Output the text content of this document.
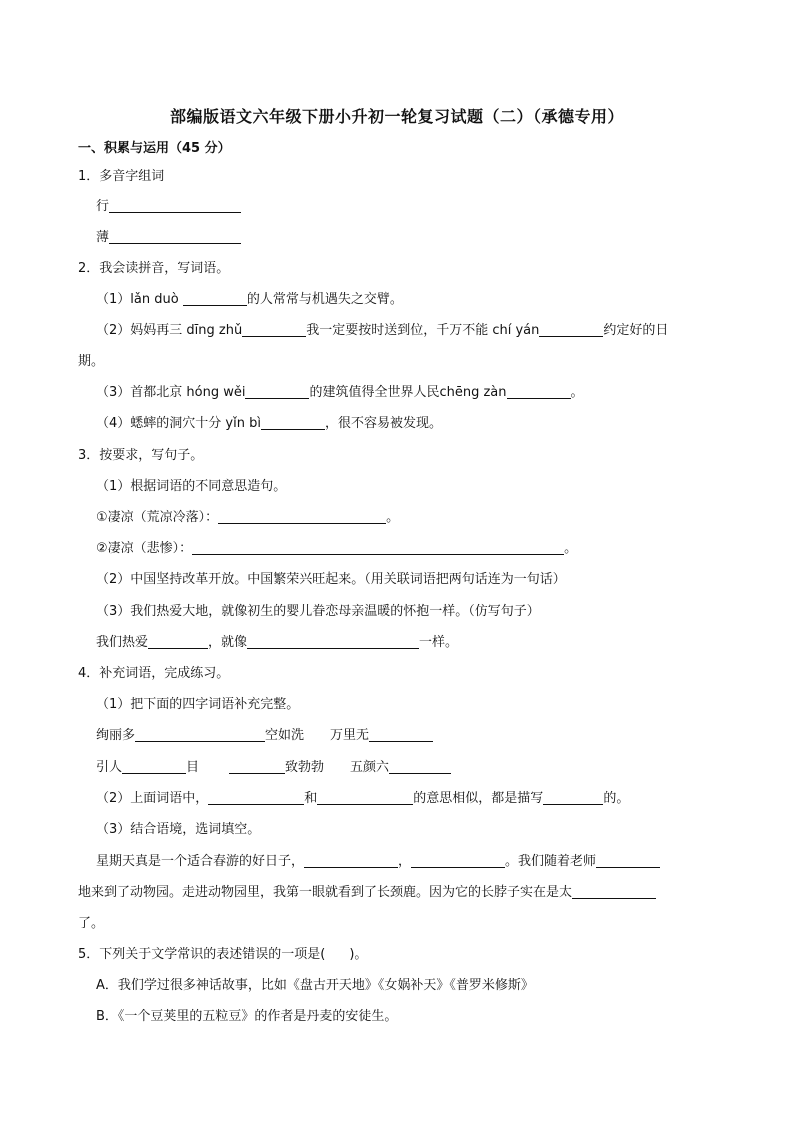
部编版语文六年级下册小升初一轮复习试题（二）（承德专用）
一、积累与运用（45 分）
1．多音字组词
行
薄
2．我会读拼音，写词语。
（1）lǎn duò	的人常常与机遇失之交臂。
（2）妈妈再三 dīng zhǔ	我一定要按时送到位，千万不能 chí yán	约定好的日
期。
（3）首都北京 hóng wěi	的建筑值得全世界人民chēng zàn	。
（4）蟋蟀的洞穴十分 yǐn bì	，很不容易被发现。
3．按要求，写句子。
（1）根据词语的不同意思造句。
①凄凉（荒凉冷落）：	。
②凄凉（悲惨）：	。
（2）中国坚持改革开放。中国繁荣兴旺起来。（用关联词语把两句话连为一句话）
（3）我们热爱大地，就像初生的婴儿眷恋母亲温暖的怀抱一样。（仿写句子）
我们热爱	，就像	一样。
4．补充词语，完成练习。
（1）把下面的四字词语补充完整。
绚丽多	空如洗 万里无
引人	目	致勃勃 五颜六
（2）上面词语中，	和	的意思相似，都是描写	的。
（3）结合语境，选词填空。
星期天真是一个适合春游的好日子，	，	。我们随着老师
地来到了动物园。走进动物园里，我第一眼就看到了长颈鹿。因为它的长脖子实在是太
了。
5．下列关于文学常识的表述错误的一项是( )。
A．我们学过很多神话故事，比如《盘古开天地》《女娲补天》《普罗米修斯》
B．《一个豆荚里的五粒豆》的作者是丹麦的安徒生。
